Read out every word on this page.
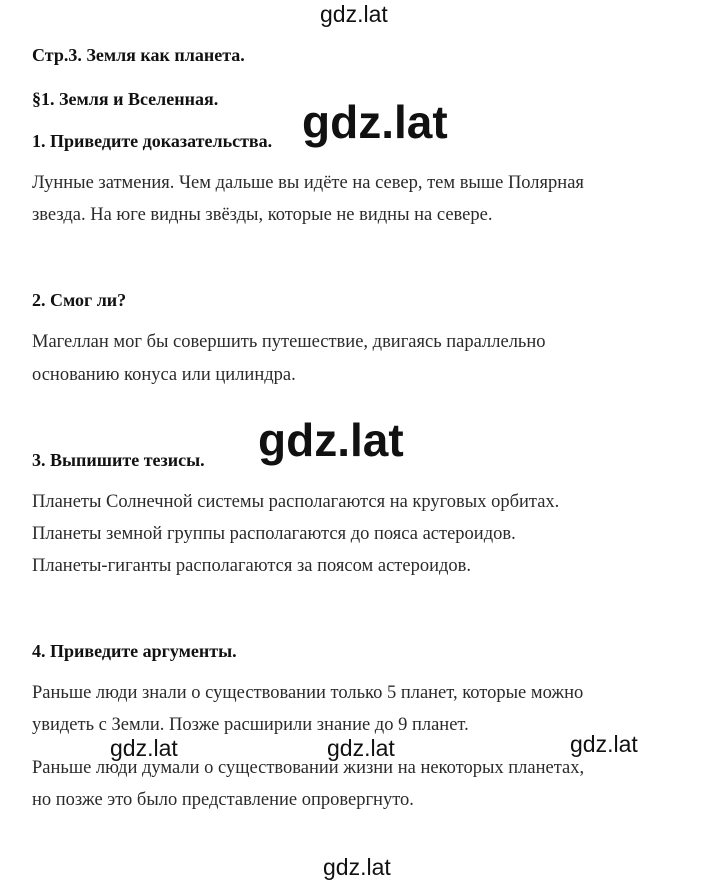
gdz.lat
gdz.lat
gdz.lat
gdz.lat	gdz.lat	gdz.lat
gdz.lat
Стр.3. Земля как планета.
§1. Земля и Вселенная.
1. Приведите доказательства.
Лунные затмения. Чем дальше вы идёте на север, тем выше Полярная
звезда. На юге видны звёзды, которые не видны на севере.
2. Смог ли?
Магеллан мог бы совершить путешествие, двигаясь параллельно
основанию конуса или цилиндра.
3. Выпишите тезисы.
Планеты Солнечной системы располагаются на круговых орбитах.
Планеты земной группы располагаются до пояса астероидов.
Планеты-гиганты располагаются за поясом астероидов.
4. Приведите аргументы.
Раньше люди знали о существовании только 5 планет, которые можно
увидеть с Земли. Позже расширили знание до 9 планет.
Раньше люди думали о существовании жизни на некоторых планетах,
но позже это было представление опровергнуто.
